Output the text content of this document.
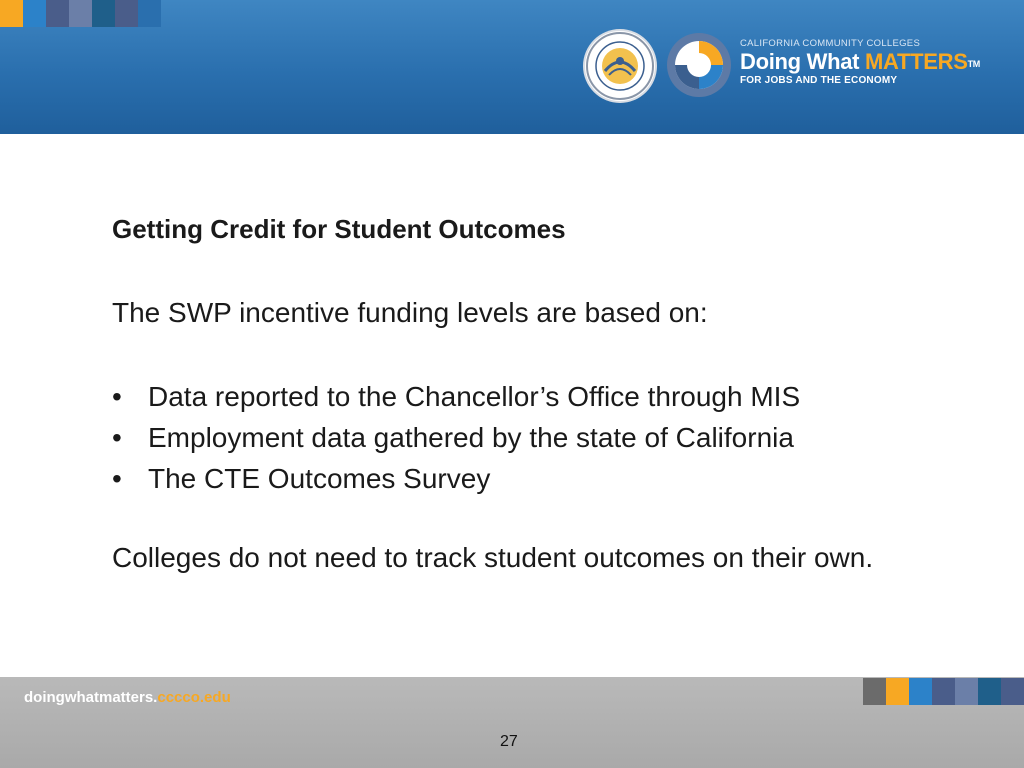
CALIFORNIA COMMUNITY COLLEGES
Doing What MATTERS™
FOR JOBS AND THE ECONOMY
Getting Credit for Student Outcomes
The SWP incentive funding levels are based on:
• Data reported to the Chancellor’s Office through MIS
• Employment data gathered by the state of California
• The CTE Outcomes Survey
Colleges do not need to track student outcomes on their own.
doingwhatmatters.cccco.edu
27
